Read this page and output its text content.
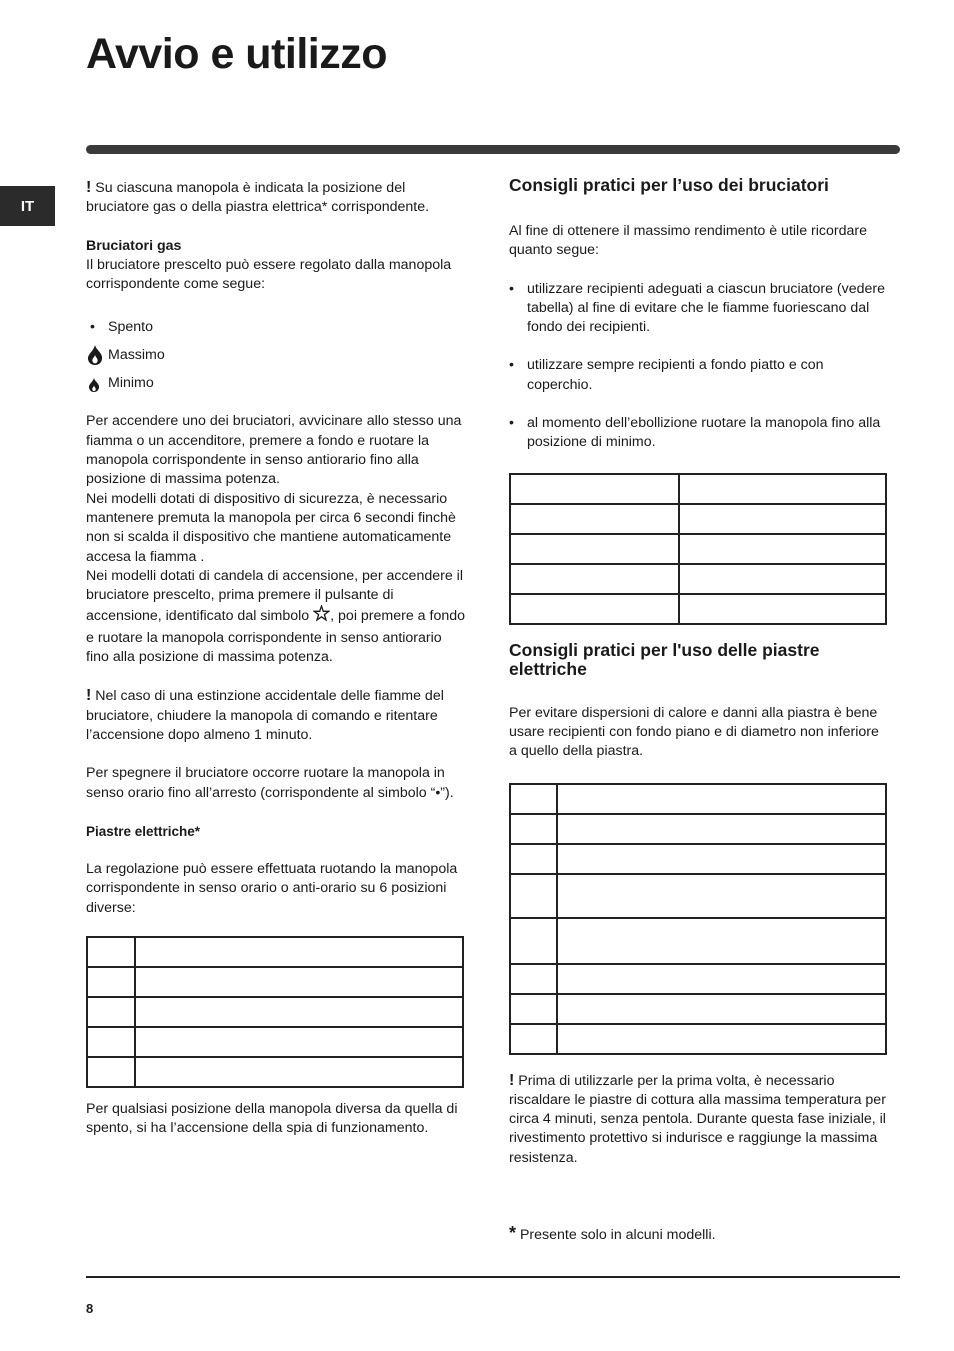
Avvio e utilizzo
IT

! Su ciascuna manopola è indicata la posizione del bruciatore gas o della piastra elettrica* corrispondente.

Bruciatori gas

Il bruciatore prescelto può essere regolato dalla manopola corrispondente come segue:

• Spento
Massimo
Minimo

Per accendere uno dei bruciatori, avvicinare allo stesso una fiamma o un accenditore, premere a fondo e ruotare la manopola corrispondente in senso antiorario fino alla posizione di massima potenza.

Nei modelli dotati di dispositivo di sicurezza, è necessario mantenere premuta la manopola per circa 6 secondi finchè non si scalda il dispositivo che mantiene automaticamente accesa la fiamma .

Nei modelli dotati di candela di accensione, per accendere il bruciatore prescelto, prima premere il pulsante di accensione, identificato dal simbolo , poi premere a fondo e ruotare la manopola corrispondente in senso antiorario fino alla posizione di massima potenza.

! Nel caso di una estinzione accidentale delle fiamme del bruciatore, chiudere la manopola di comando e ritentare l’accensione dopo almeno 1 minuto.

Per spegnere il bruciatore occorre ruotare la manopola in senso orario fino all’arresto (corrispondente al simbolo “•”).

Piastre elettriche*

La regolazione può essere effettuata ruotando la manopola corrispondente in senso orario o anti-orario su 6 posizioni diverse:

Per qualsiasi posizione della manopola diversa da quella di spento, si ha l’accensione della spia di funzionamento.

Consigli pratici per l’uso dei bruciatori

Al fine di ottenere il massimo rendimento è utile ricordare quanto segue:

• utilizzare recipienti adeguati a ciascun bruciatore (vedere tabella) al fine di evitare che le fiamme fuoriescano dal fondo dei recipienti.
• utilizzare sempre recipienti a fondo piatto e con coperchio.
• al momento dell’ebollizione ruotare la manopola fino alla posizione di minimo.

Consigli pratici per l'uso delle piastre elettriche

Per evitare dispersioni di calore e danni alla piastra è bene usare recipienti con fondo piano e di diametro non inferiore a quello della piastra.

! Prima di utilizzarle per la prima volta, è necessario riscaldare le piastre di cottura alla massima temperatura per circa 4 minuti, senza pentola. Durante questa fase iniziale, il rivestimento protettivo si indurisce e raggiunge la massima resistenza.

* Presente solo in alcuni modelli.
8
